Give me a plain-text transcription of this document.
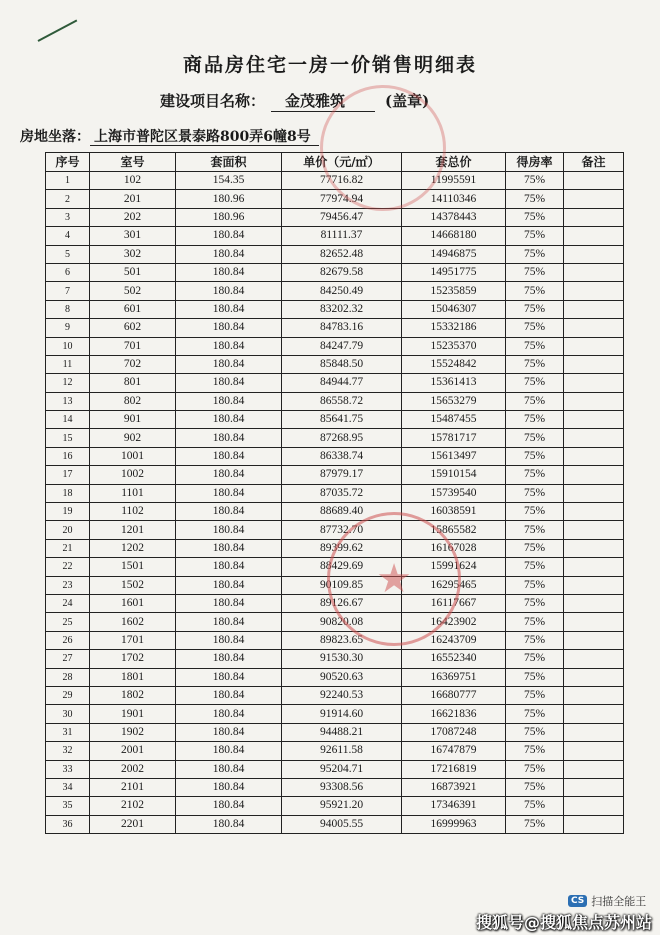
商品房住宅一房一价销售明细表
建设项目名称： 金茂雅筑	(盖章)
房地坐落： 上海市普陀区景泰路800弄6幢8号
序号	室号	套面积	单价（元/㎡）	套总价	得房率	备注
1	102	154.35	77716.82	11995591	75%	
2	201	180.96	77974.94	14110346	75%	
3	202	180.96	79456.47	14378443	75%	
4	301	180.84	81111.37	14668180	75%	
5	302	180.84	82652.48	14946875	75%	
6	501	180.84	82679.58	14951775	75%	
7	502	180.84	84250.49	15235859	75%	
8	601	180.84	83202.32	15046307	75%	
9	602	180.84	84783.16	15332186	75%	
10	701	180.84	84247.79	15235370	75%	
11	702	180.84	85848.50	15524842	75%	
12	801	180.84	84944.77	15361413	75%	
13	802	180.84	86558.72	15653279	75%	
14	901	180.84	85641.75	15487455	75%	
15	902	180.84	87268.95	15781717	75%	
16	1001	180.84	86338.74	15613497	75%	
17	1002	180.84	87979.17	15910154	75%	
18	1101	180.84	87035.72	15739540	75%	
19	1102	180.84	88689.40	16038591	75%	
20	1201	180.84	87732.70	15865582	75%	
21	1202	180.84	89399.62	16167028	75%	
22	1501	180.84	88429.69	15991624	75%	
23	1502	180.84	90109.85	16295465	75%	
24	1601	180.84	89126.67	16117667	75%	
25	1602	180.84	90820.08	16423902	75%	
26	1701	180.84	89823.65	16243709	75%	
27	1702	180.84	91530.30	16552340	75%	
28	1801	180.84	90520.63	16369751	75%	
29	1802	180.84	92240.53	16680777	75%	
30	1901	180.84	91914.60	16621836	75%	
31	1902	180.84	94488.21	17087248	75%	
32	2001	180.84	92611.58	16747879	75%	
33	2002	180.84	95204.71	17216819	75%	
34	2101	180.84	93308.56	16873921	75%	
35	2102	180.84	95921.20	17346391	75%	
36	2201	180.84	94005.55	16999963	75%	
★
CS 扫描全能王
搜狐号@搜狐焦点苏州站
